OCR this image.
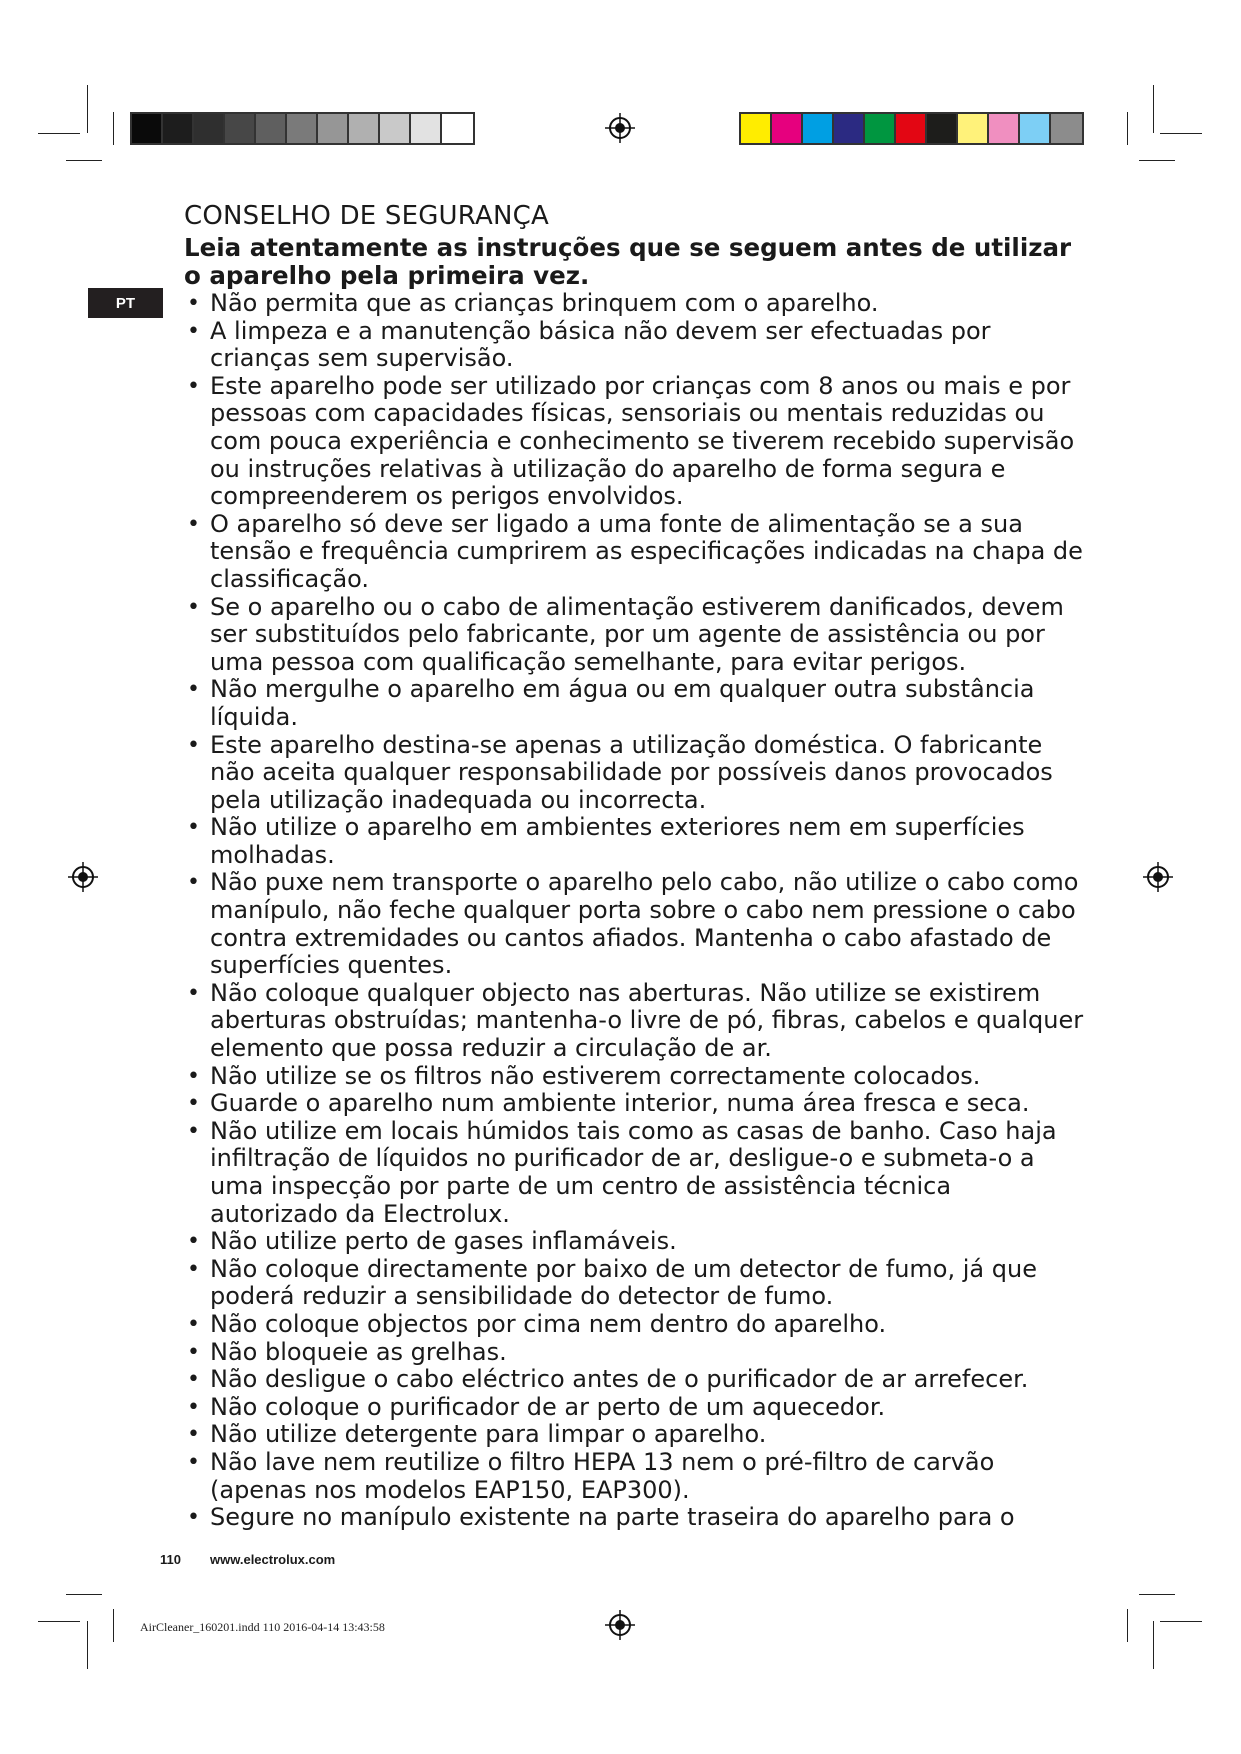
PT
CONSELHO DE SEGURANÇA
Leia atentamente as instruções que se seguem antes de utilizar o aparelho pela primeira vez.
• Não permita que as crianças brinquem com o aparelho.
• A limpeza e a manutenção básica não devem ser efectuadas por crianças sem supervisão.
• Este aparelho pode ser utilizado por crianças com 8 anos ou mais e por pessoas com capacidades físicas, sensoriais ou mentais reduzidas ou com pouca experiência e conhecimento se tiverem recebido supervisão ou instruções relativas à utilização do aparelho de forma segura e compreenderem os perigos envolvidos.
• O aparelho só deve ser ligado a uma fonte de alimentação se a sua tensão e frequência cumprirem as especificações indicadas na chapa de classificação.
• Se o aparelho ou o cabo de alimentação estiverem danificados, devem ser substituídos pelo fabricante, por um agente de assistência ou por uma pessoa com qualificação semelhante, para evitar perigos.
• Não mergulhe o aparelho em água ou em qualquer outra substância líquida.
• Este aparelho destina-se apenas a utilização doméstica. O fabricante não aceita qualquer responsabilidade por possíveis danos provocados pela utilização inadequada ou incorrecta.
• Não utilize o aparelho em ambientes exteriores nem em superfícies molhadas.
• Não puxe nem transporte o aparelho pelo cabo, não utilize o cabo como manípulo, não feche qualquer porta sobre o cabo nem pressione o cabo contra extremidades ou cantos afiados. Mantenha o cabo afastado de superfícies quentes.
• Não coloque qualquer objecto nas aberturas. Não utilize se existirem aberturas obstruídas; mantenha-o livre de pó, fibras, cabelos e qualquer elemento que possa reduzir a circulação de ar.
• Não utilize se os filtros não estiverem correctamente colocados.
• Guarde o aparelho num ambiente interior, numa área fresca e seca.
• Não utilize em locais húmidos tais como as casas de banho. Caso haja infiltração de líquidos no purificador de ar, desligue-o e submeta-o a uma inspecção por parte de um centro de assistência técnica autorizado da Electrolux.
• Não utilize perto de gases inflamáveis.
• Não coloque directamente por baixo de um detector de fumo, já que poderá reduzir a sensibilidade do detector de fumo.
• Não coloque objectos por cima nem dentro do aparelho.
• Não bloqueie as grelhas.
• Não desligue o cabo eléctrico antes de o purificador de ar arrefecer.
• Não coloque o purificador de ar perto de um aquecedor.
• Não utilize detergente para limpar o aparelho.
• Não lave nem reutilize o filtro HEPA 13 nem o pré-filtro de carvão (apenas nos modelos EAP150, EAP300).
• Segure no manípulo existente na parte traseira do aparelho para o
110 www.electrolux.com
AirCleaner_160201.indd 110 2016-04-14 13:43:58
